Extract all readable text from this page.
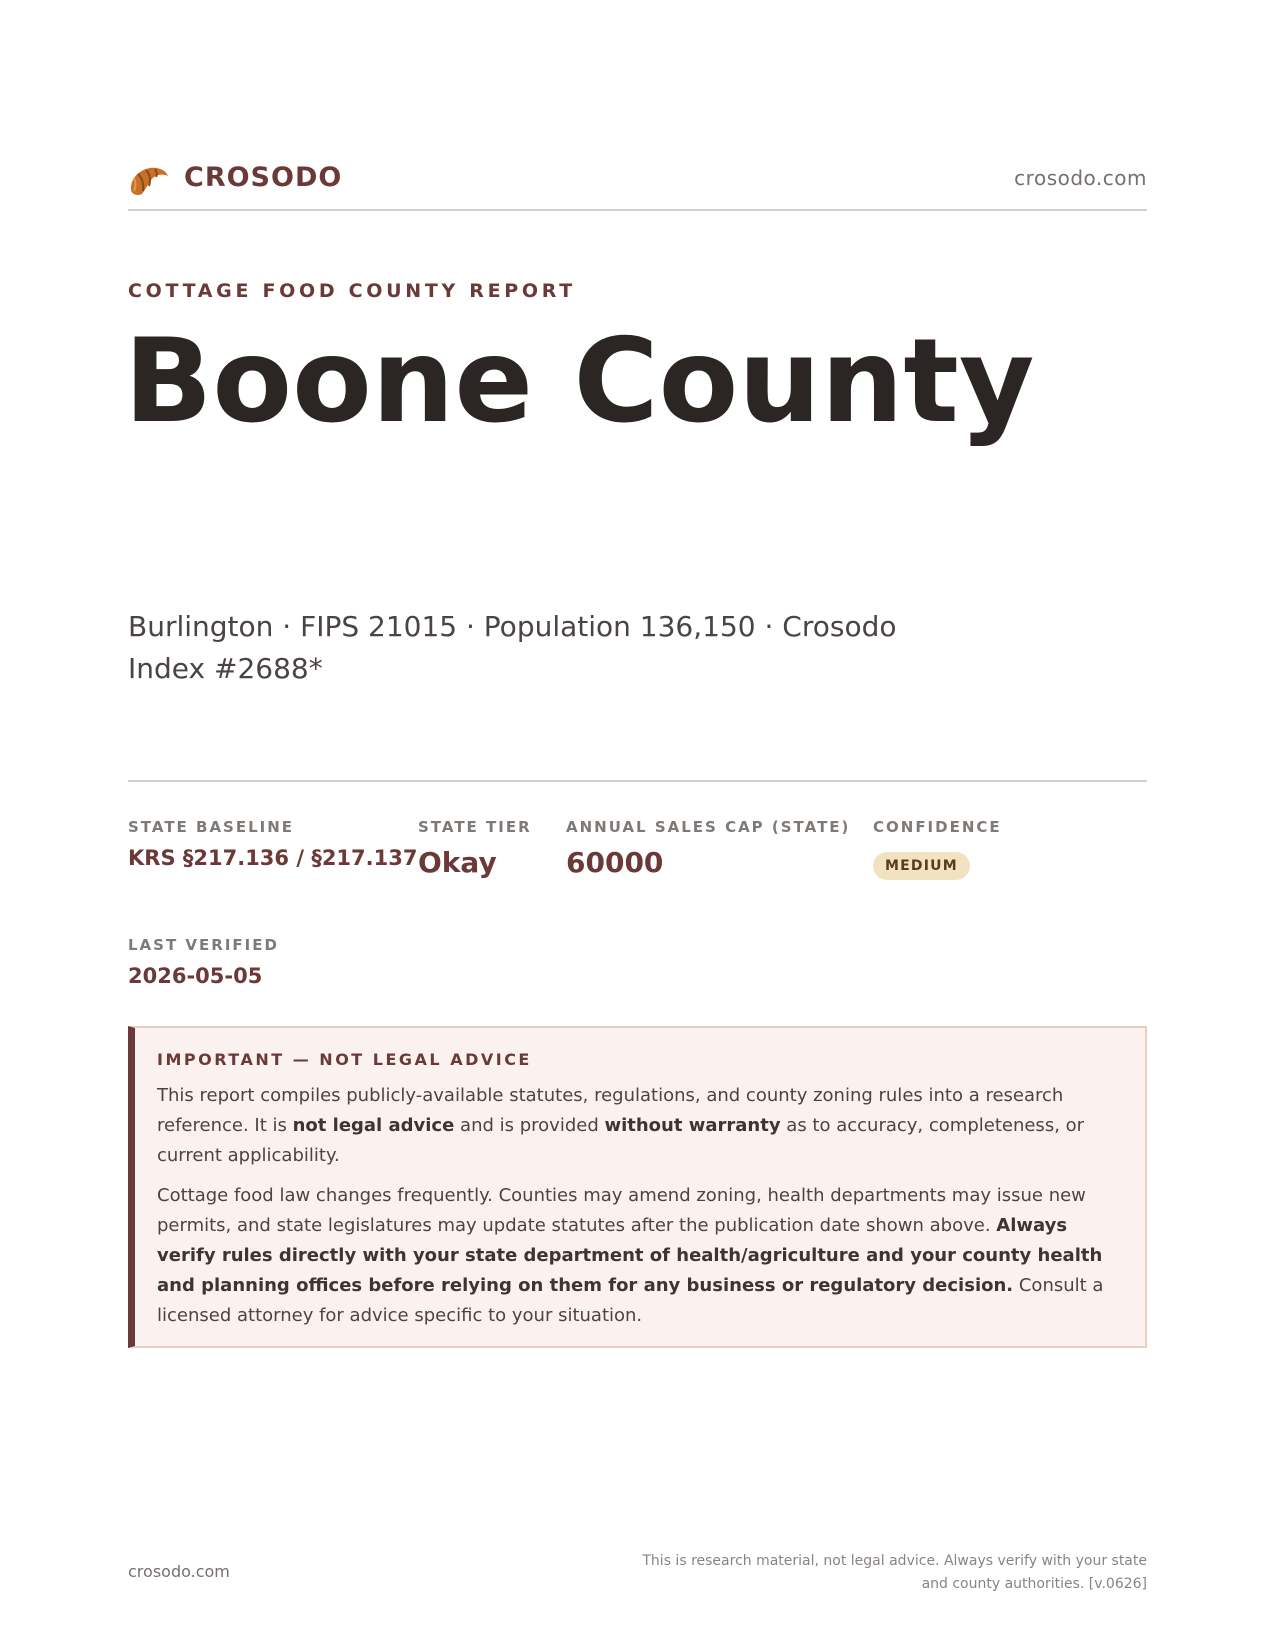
CROSODO	crosodo.com
COTTAGE FOOD COUNTY REPORT
Boone County
Burlington · FIPS 21015 · Population 136,150 · Crosodo Index #2688*
STATE BASELINE
KRS §217.136 / §217.137
STATE TIER
Okay
ANNUAL SALES CAP (STATE)
60000
CONFIDENCE
MEDIUM
LAST VERIFIED
2026-05-05
IMPORTANT — NOT LEGAL ADVICE

This report compiles publicly-available statutes, regulations, and county zoning rules into a research reference. It is not legal advice and is provided without warranty as to accuracy, completeness, or current applicability.

Cottage food law changes frequently. Counties may amend zoning, health departments may issue new permits, and state legislatures may update statutes after the publication date shown above. Always verify rules directly with your state department of health/agriculture and your county health and planning offices before relying on them for any business or regulatory decision. Consult a licensed attorney for advice specific to your situation.

crosodo.com
This is research material, not legal advice. Always verify with your state and county authorities. [v.0626]
